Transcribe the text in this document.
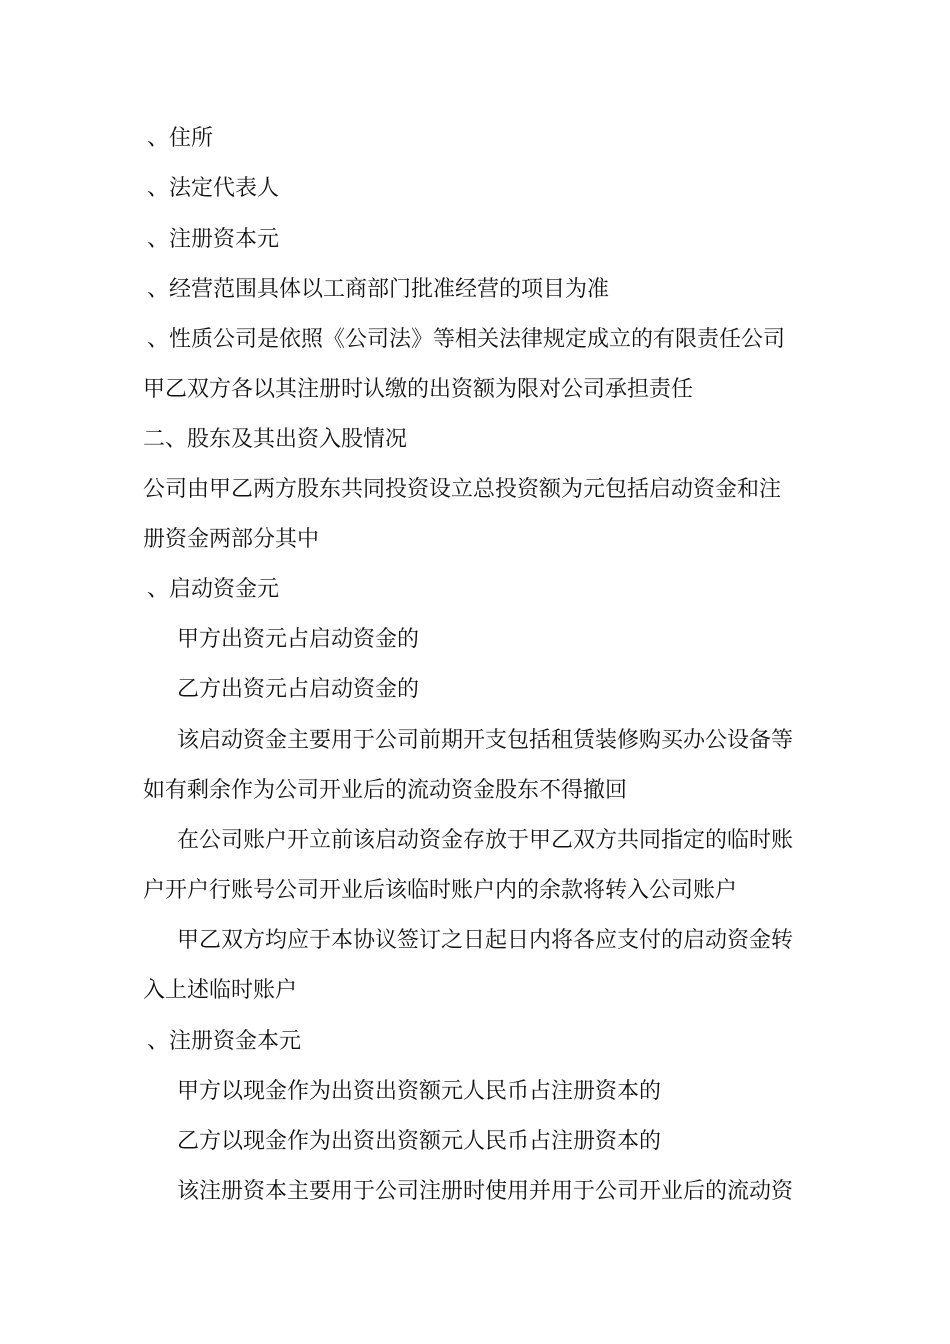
、住所
、法定代表人
、注册资本元
、经营范围具体以工商部门批准经营的项目为准
、性质公司是依照《公司法》等相关法律规定成立的有限责任公司
甲乙双方各以其注册时认缴的出资额为限对公司承担责任
二、股东及其出资入股情况
公司由甲乙两方股东共同投资设立总投资额为元包括启动资金和注
册资金两部分其中
、启动资金元
甲方出资元占启动资金的
乙方出资元占启动资金的
该启动资金主要用于公司前期开支包括租赁装修购买办公设备等
如有剩余作为公司开业后的流动资金股东不得撤回
在公司账户开立前该启动资金存放于甲乙双方共同指定的临时账
户开户行账号公司开业后该临时账户内的余款将转入公司账户
甲乙双方均应于本协议签订之日起日内将各应支付的启动资金转
入上述临时账户
、注册资金本元
甲方以现金作为出资出资额元人民币占注册资本的
乙方以现金作为出资出资额元人民币占注册资本的
该注册资本主要用于公司注册时使用并用于公司开业后的流动资
